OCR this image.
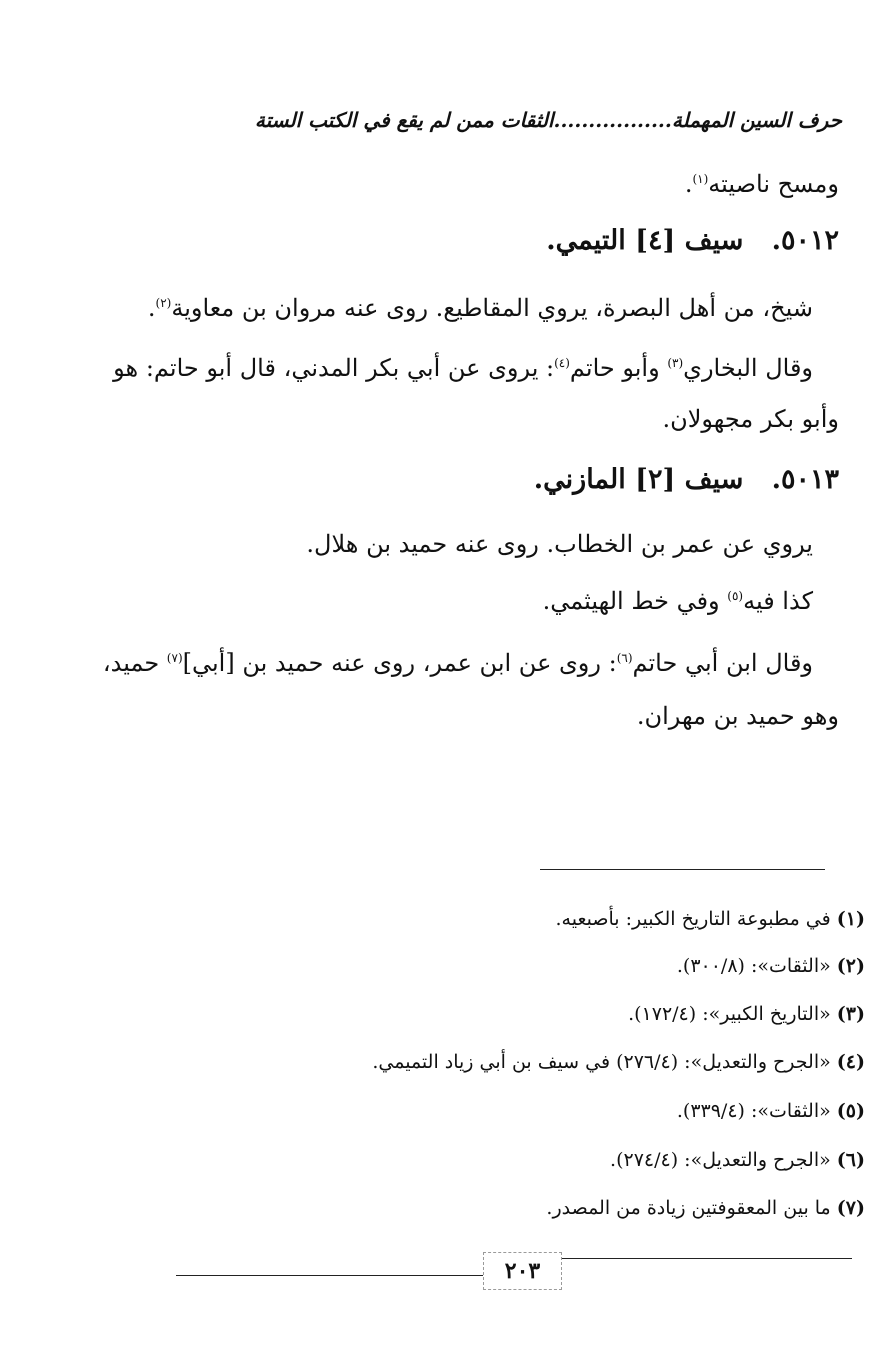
حرف السين المهملة.................الثقات ممن لم يقع في الكتب الستة
ومسح ناصيته$^{(١)}$.
٥٠١٢.   سيف [٤] التيمي.
شيخ، من أهل البصرة، يروي المقاطيع. روى عنه مروان بن معاوية$^{(٢)}$.
وقال البخاري$^{(٣)}$ وأبو حاتم$^{(٤)}$: يروى عن أبي بكر المدني، قال أبو حاتم: هو
وأبو بكر مجهولان.
٥٠١٣.   سيف [٢] المازني.
يروي عن عمر بن الخطاب. روى عنه حميد بن هلال.
كذا فيه$^{(٥)}$ وفي خط الهيثمي.
وقال ابن أبي حاتم$^{(٦)}$: روى عن ابن عمر، روى عنه حميد بن [أبي]$^{(٧)}$ حميد،
وهو حميد بن مهران.
(١) في مطبوعة التاريخ الكبير: بأصبعيه.
(٢) «الثقات»: (٣٠٠/٨).
(٣) «التاريخ الكبير»: (١٧٢/٤).
(٤) «الجرح والتعديل»: (٢٧٦/٤) في سيف بن أبي زياد التميمي.
(٥) «الثقات»: (٣٣٩/٤).
(٦) «الجرح والتعديل»: (٢٧٤/٤).
(٧) ما بين المعقوفتين زيادة من المصدر.
٢٠٣
